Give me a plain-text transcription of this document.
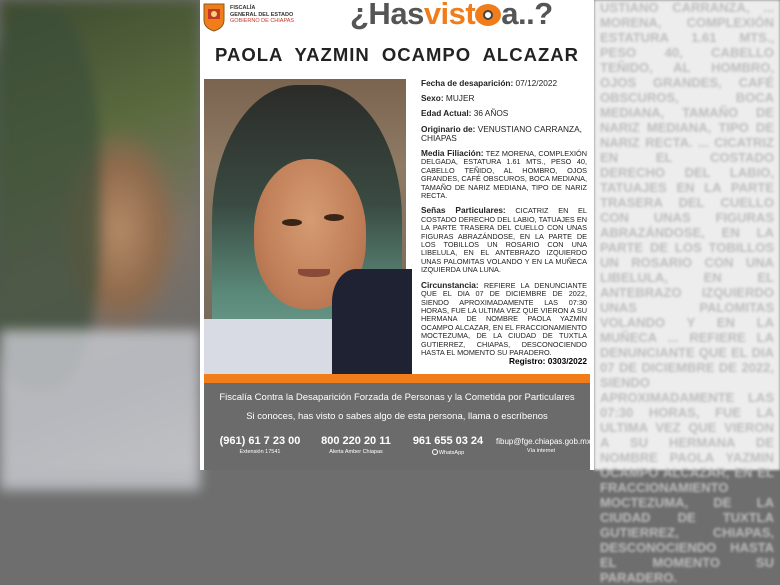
USTIANO CARRANZA, ... MORENA, COMPLEXIÓN ESTATURA 1.61 MTS., PESO 40, CABELLO TEÑIDO, AL HOMBRO, OJOS GRANDES, CAFÉ OBSCUROS, BOCA MEDIANA, TAMAÑO DE NARIZ MEDIANA, TIPO DE NARIZ RECTA. ... CICATRIZ EN EL COSTADO DERECHO DEL LABIO, TATUAJES EN LA PARTE TRASERA DEL CUELLO CON UNAS FIGURAS ABRAZÁNDOSE, EN LA PARTE DE LOS TOBILLOS UN ROSARIO CON UNA LIBELULA, EN EL ANTEBRAZO IZQUIERDO UNAS PALOMITAS VOLANDO Y EN LA MUÑECA ... REFIERE LA DENUNCIANTE QUE EL DIA 07 DE DICIEMBRE DE 2022, SIENDO APROXIMADAMENTE LAS 07:30 HORAS, FUE LA ULTIMA VEZ QUE VIERON A SU HERMANA DE NOMBRE PAOLA YAZMIN OCAMPO ALCAZAR, EN EL FRACCIONAMIENTO MOCTEZUMA, DE LA CIUDAD DE TUXTLA GUTIERREZ, CHIAPAS, DESCONOCIENDO HASTA EL MOMENTO SU PARADERO.

FISCALÍA
GENERAL DEL ESTADO
GOBIERNO DE CHIAPAS ¿Hasvist a..?
PAOLA YAZMIN OCAMPO ALCAZAR
Fecha de desaparición: 07/12/2022
Sexo: MUJER
Edad Actual: 36 AÑOS
Originario de: VENUSTIANO CARRANZA, CHIAPAS
Media Filiación: TEZ MORENA, COMPLEXIÓN DELGADA, ESTATURA 1.61 MTS., PESO 40, CABELLO TEÑIDO, AL HOMBRO, OJOS GRANDES, CAFÉ OBSCUROS, BOCA MEDIANA, TAMAÑO DE NARIZ MEDIANA, TIPO DE NARIZ RECTA.
Señas Particulares: CICATRIZ EN EL COSTADO DERECHO DEL LABIO, TATUAJES EN LA PARTE TRASERA DEL CUELLO CON UNAS FIGURAS ABRAZÁNDOSE, EN LA PARTE DE LOS TOBILLOS UN ROSARIO CON UNA LIBELULA, EN EL ANTEBRAZO IZQUIERDO UNAS PALOMITAS VOLANDO Y EN LA MUÑECA IZQUIERDA UNA LUNA.
Circunstancia: REFIERE LA DENUNCIANTE QUE EL DIA 07 DE DICIEMBRE DE 2022, SIENDO APROXIMADAMENTE LAS 07:30 HORAS, FUE LA ULTIMA VEZ QUE VIERON A SU HERMANA DE NOMBRE PAOLA YAZMIN OCAMPO ALCAZAR, EN EL FRACCIONAMIENTO MOCTEZUMA, DE LA CIUDAD DE TUXTLA GUTIERREZ, CHIAPAS, DESCONOCIENDO HASTA EL MOMENTO SU PARADERO.
Registro: 0303/2022
Fiscalía Contra la Desaparición Forzada de Personas y la Cometida por Particulares
Si conoces, has visto o sabes algo de esta persona, llama o escríbenos
(961) 61 7 23 00
Extensión 17541
800 220 20 11
Alerta Amber Chiapas
961 655 03 24
WhatsApp
fibup@fge.chiapas.gob.mx
Vía internet
